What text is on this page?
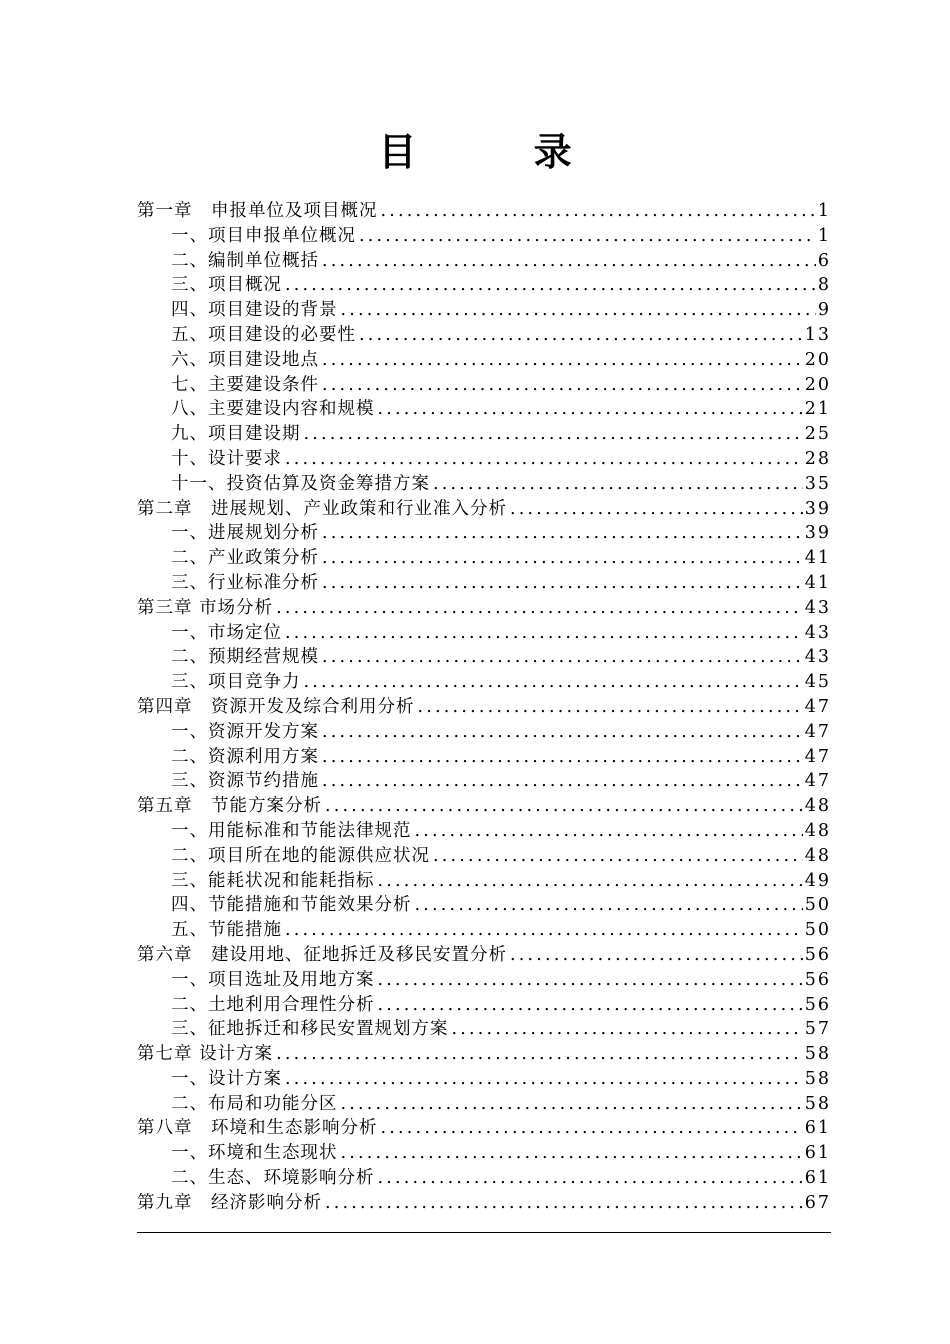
目 录
第一章　申报单位及项目概况 .....	1
一、项目申报单位概况 .....	1
二、编制单位概括 .....	6
三、项目概况 .....	8
四、项目建设的背景 .....	9
五、项目建设的必要性 .....	13
六、项目建设地点 .....	20
七、主要建设条件 .....	20
八、主要建设内容和规模 .....	21
九、项目建设期 .....	25
十、设计要求 .....	28
十一、投资估算及资金筹措方案 .....	35
第二章　进展规划、产业政策和行业准入分析 .....	39
一、进展规划分析 .....	39
二、产业政策分析 .....	41
三、行业标准分析 .....	41
第三章 市场分析 .....	43
一、市场定位 .....	43
二、预期经营规模 .....	43
三、项目竞争力 .....	45
第四章　资源开发及综合利用分析 .....	47
一、资源开发方案 .....	47
二、资源利用方案 .....	47
三、资源节约措施 .....	47
第五章　节能方案分析 .....	48
一、用能标准和节能法律规范 .....	48
二、项目所在地的能源供应状况 .....	48
三、能耗状况和能耗指标 .....	49
四、节能措施和节能效果分析 .....	50
五、节能措施 .....	50
第六章　建设用地、征地拆迁及移民安置分析 .....	56
一、项目选址及用地方案 .....	56
二、土地利用合理性分析 .....	56
三、征地拆迁和移民安置规划方案 .....	57
第七章 设计方案 .....	58
一、设计方案 .....	58
二、布局和功能分区 .....	58
第八章　环境和生态影响分析 .....	61
一、环境和生态现状 .....	61
二、生态、环境影响分析 .....	61
第九章　经济影响分析 .....	67
